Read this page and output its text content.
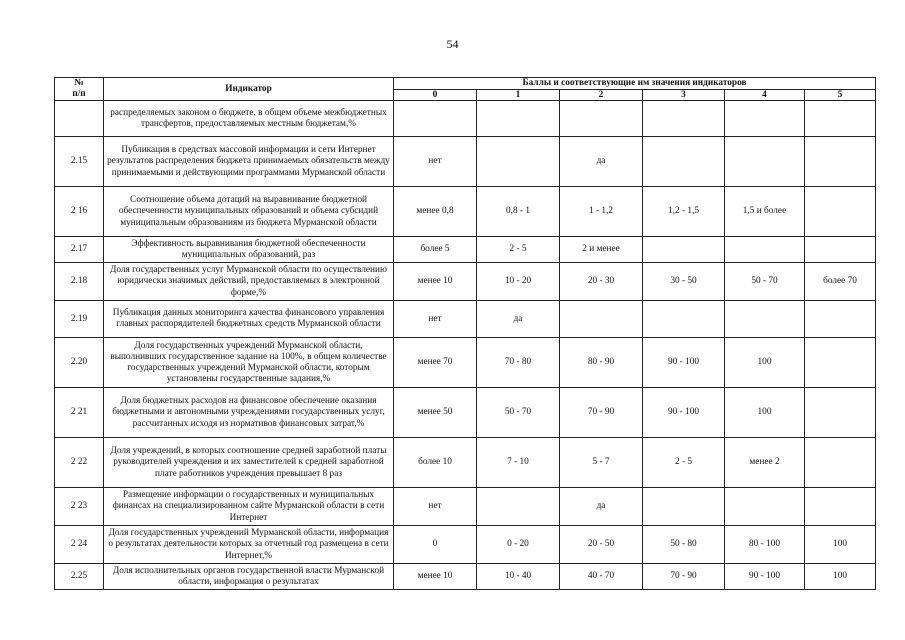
54
№
п/п	Индикатор	Баллы и соответствующие им значения индикаторов					
		0	1	2	3	4	5
	распределяемых законом о бюджете, в общем объеме межбюджетных трансфертов, предоставляемых местным бюджетам,%						
2.15	Публикация в средствах массовой информации и сети Интернет результатов распределения бюджета принимаемых обязательств между принимаемыми и действующими программами Мурманской области	нет		да			
2 16	Соотношение объема дотаций на выравнивание бюджетной обеспеченности муниципальных образований и объема субсидий муниципальным образованиям из бюджета Мурманской области	менее 0,8	0,8 - 1	1 - 1,2	1,2 - 1,5	1,5 и более	
2.17	Эффективность выравнивания бюджетной обеспеченности муниципальных образований, раз	более 5	2 - 5	2 и менее			
2.18	Доля государственных услуг Мурманской области по осуществлению юридически значимых действий, предоставляемых в электронной форме,%	менее 10	10 - 20	20 - 30	30 - 50	50 - 70	более 70
2.19	Публикация данных мониторинга качества финансового управления главных распорядителей бюджетных средств Мурманской области	нет	да				
2.20	Доля государственных учреждений Мурманской области, выполнивших государственное задание на 100%, в общем количестве государственных учреждений Мурманской области, которым установлены государственные задания,%	менее 70	70 - 80	80 - 90	90 - 100	100	
2 21	Доля бюджетных расходов на финансовое обеспечение оказания бюджетными и автономными учреждениями государственных услуг, рассчитанных исходя из нормативов финансовых затрат,%	менее 50	50 - 70	70 - 90	90 - 100	100	
2 22	Доля учреждений, в которых соотношение средней заработной платы руководителей учреждения и их заместителей к средней заработной плате работников учреждения превышает 8 раз	более 10	7 - 10	5 - 7	2 - 5	менее 2	
2 23	Размещение информации о государственных и муниципальных финансах на специализированном сайте Мурманской области в сети Интернет	нет		да			
2 24	Доля государственных учреждений Мурманской области, информация о результатах деятельности которых за отчетный год размещена в сети Интернет,%	0	0 - 20	20 - 50	50 - 80	80 - 100	100
2.25	Доля исполнительных органов государственной власти Мурманской области, информация о результатах	менее 10	10 - 40	40 - 70	70 - 90	90 - 100	100
